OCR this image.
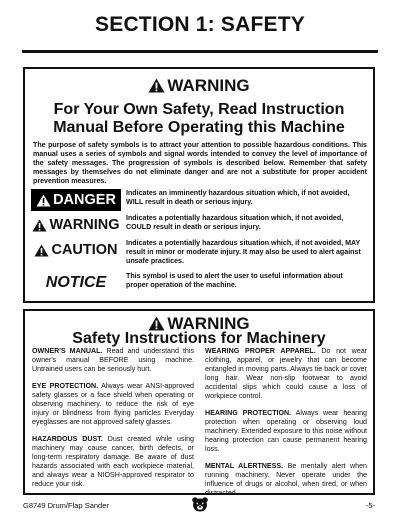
SECTION 1: SAFETY
WARNING
For Your Own Safety, Read Instruction
Manual Before Operating this Machine
The purpose of safety symbols is to attract your attention to possible hazardous conditions. This manual uses a series of symbols and signal words intended to convey the level of importance of the safety messages. The progression of symbols is described below. Remember that safety messages by themselves do not eliminate danger and are not a substitute for proper accident prevention measures.
DANGER Indicates an imminently hazardous situation which, if not avoided, WILL result in death or serious injury.
WARNING Indicates a potentially hazardous situation which, if not avoided, COULD result in death or serious injury.
CAUTION Indicates a potentially hazardous situation which, if not avoided, MAY result in minor or moderate injury. It may also be used to alert against unsafe practices.
NOTICE	This symbol is used to alert the user to useful information about proper operation of the machine.
WARNING
Safety Instructions for Machinery

OWNER'S MANUAL. Read and understand this owner's manual BEFORE using machine. Untrained users can be seriously hurt.

EYE PROTECTION. Always wear ANSI-approved safety glasses or a face shield when operating or observing machinery. to reduce the risk of eye injury or blindness from flying particles Everyday eyeglasses are not approved safety glasses.

HAZARDOUS DUST. Dust created while using machinery may cause cancer, birth defects, or long-term respiratory damage. Be aware of dust hazards associated with each workpiece material, and always wear a NIOSH-approved respirator to reduce your risk.

WEARING PROPER APPAREL. Do not wear clothing, apparel, or jewelry that can become entangled in moving parts. Always tie back or cover long hair. Wear non-slip footwear to avoid accidental slips which could cause a loss of workpiece control.

HEARING PROTECTION. Always wear hearing protection when operating or observing loud machinery. Extended exposure to this noise without hearing protection can cause permanent hearing loss.

MENTAL ALERTNESS. Be mentally alert when running machinery. Never operate under the influence of drugs or alcohol, when tired, or when distracted.

G8749 Drum/Flap Sander	-5-
